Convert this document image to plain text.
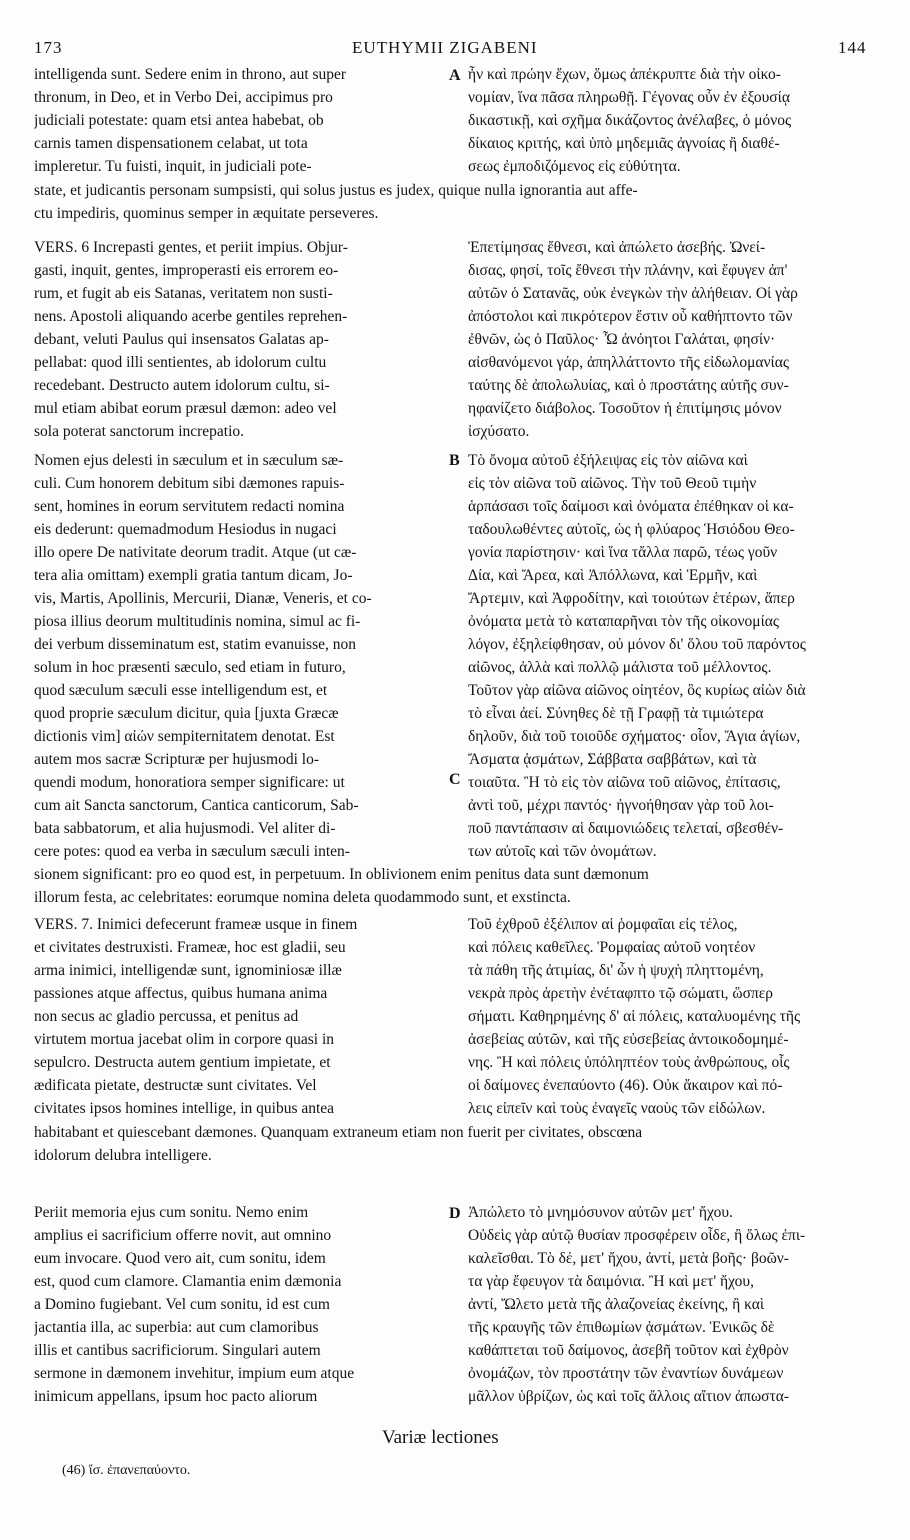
173	EUTHYMII ZIGABENI	144
A
B
C
D
intelligenda sunt. Sedere enim in throno, aut super
thronum, in Deo, et in Verbo Dei, accipimus pro
judiciali potestate: quam etsi antea habebat, ob
carnis tamen dispensationem celabat, ut tota
impleretur. Tu fuisti, inquit, in judiciali pote-
ἦν καὶ πρώην ἔχων, ὅμως ἀπέκρυπτε διὰ τὴν οἰκο-
νομίαν, ἵνα πᾶσα πληρωθῇ. Γέγονας οὖν ἐν ἐξουσίᾳ
δικαστικῇ, καὶ σχῆμα δικάζοντος ἀνέλαβες, ὁ μόνος
δίκαιος κριτής, καὶ ὑπὸ μηδεμιᾶς ἀγνοίας ἢ διαθέ-
σεως ἐμποδιζόμενος εἰς εὐθύτητα.
state, et judicantis personam sumpsisti, qui solus justus es judex, quique nulla ignorantia aut affe-
ctu impediris, quominus semper in æquitate perseveres.
VERS. 6 Increpasti gentes, et periit impius. Objur-
gasti, inquit, gentes, improperasti eis errorem eo-
rum, et fugit ab eis Satanas, veritatem non susti-
nens. Apostoli aliquando acerbe gentiles reprehen-
debant, veluti Paulus qui insensatos Galatas ap-
pellabat: quod illi sentientes, ab idolorum cultu
recedebant. Destructo autem idolorum cultu, si-
mul etiam abibat eorum præsul dæmon: adeo vel
sola poterat sanctorum increpatio.
Ἐπετίμησας ἔθνεσι, καὶ ἀπώλετο ἀσεβής. Ὠνεί-
δισας, φησί, τοῖς ἔθνεσι τὴν πλάνην, καὶ ἔφυγεν ἀπ'
αὐτῶν ὁ Σατανᾶς, οὐκ ἐνεγκὼν τὴν ἀλήθειαν. Οἱ γὰρ
ἀπόστολοι καὶ πικρότερον ἔστιν οὗ καθήπτοντο τῶν
ἐθνῶν, ὡς ὁ Παῦλος· Ὦ ἀνόητοι Γαλάται, φησίν·
αἰσθανόμενοι γάρ, ἀπηλλάττοντο τῆς εἰδωλομανίας
ταύτης δὲ ἀπολωλυίας, καὶ ὁ προστάτης αὐτῆς συν-
ηφανίζετο διάβολος. Τοσοῦτον ἡ ἐπιτίμησις μόνον
ἰσχύσατο.
Nomen ejus delesti in sæculum et in sæculum sæ-
culi. Cum honorem debitum sibi dæmones rapuis-
sent, homines in eorum servitutem redacti nomina
eis dederunt: quemadmodum Hesiodus in nugaci
illo opere De nativitate deorum tradit. Atque (ut cæ-
tera alia omittam) exempli gratia tantum dicam, Jo-
vis, Martis, Apollinis, Mercurii, Dianæ, Veneris, et co-
piosa illius deorum multitudinis nomina, simul ac fi-
dei verbum disseminatum est, statim evanuisse, non
solum in hoc præsenti sæculo, sed etiam in futuro,
quod sæculum sæculi esse intelligendum est, et
quod proprie sæculum dicitur, quia [juxta Græcæ
dictionis vim] αἰών sempiternitatem denotat. Est
autem mos sacræ Scripturæ per hujusmodi lo-
quendi modum, honoratiora semper significare: ut
cum ait Sancta sanctorum, Cantica canticorum, Sab-
bata sabbatorum, et alia hujusmodi. Vel aliter di-
cere potes: quod ea verba in sæculum sæculi inten-
Τὸ ὄνομα αὐτοῦ ἐξήλειψας εἰς τὸν αἰῶνα καὶ
εἰς τὸν αἰῶνα τοῦ αἰῶνος. Τὴν τοῦ Θεοῦ τιμὴν
ἁρπάσασι τοῖς δαίμοσι καὶ ὀνόματα ἐπέθηκαν οἱ κα-
ταδουλωθέντες αὐτοῖς, ὡς ἡ φλύαρος Ἡσιόδου Θεο-
γονία παρίστησιν· καὶ ἵνα τἄλλα παρῶ, τέως γοῦν
Δία, καὶ Ἄρεα, καὶ Ἀπόλλωνα, καὶ Ἑρμῆν, καὶ
Ἄρτεμιν, καὶ Ἀφροδίτην, καὶ τοιούτων ἑτέρων, ἅπερ
ὀνόματα μετὰ τὸ καταπαρῆναι τὸν τῆς οἰκονομίας
λόγον, ἐξηλείφθησαν, οὐ μόνον δι' ὅλου τοῦ παρόντος
αἰῶνος, ἀλλὰ καὶ πολλῷ μάλιστα τοῦ μέλλοντος.
Τοῦτον γὰρ αἰῶνα αἰῶνος οἰητέον, ὃς κυρίως αἰὼν διὰ
τὸ εἶναι ἀεί. Σύνηθες δὲ τῇ Γραφῇ τὰ τιμιώτερα
δηλοῦν, διὰ τοῦ τοιοῦδε σχήματος· οἷον, Ἅγια ἁγίων,
Ἄσματα ᾀσμάτων, Σάββατα σαββάτων, καὶ τὰ
τοιαῦτα. Ἢ τὸ εἰς τὸν αἰῶνα τοῦ αἰῶνος, ἐπίτασις,
ἀντὶ τοῦ, μέχρι παντός· ἠγνοήθησαν γὰρ τοῦ λοι-
ποῦ παντάπασιν αἱ δαιμονιώδεις τελεταί, σβεσθέν-
των αὐτοῖς καὶ τῶν ὀνομάτων.
sionem significant: pro eo quod est, in perpetuum. In oblivionem enim penitus data sunt dæmonum
illorum festa, ac celebritates: eorumque nomina deleta quodammodo sunt, et exstincta.
VERS. 7. Inimici defecerunt frameæ usque in finem
et civitates destruxisti. Frameæ, hoc est gladii, seu
arma inimici, intelligendæ sunt, ignominiosæ illæ
passiones atque affectus, quibus humana anima
non secus ac gladio percussa, et penitus ad
virtutem mortua jacebat olim in corpore quasi in
sepulcro. Destructa autem gentium impietate, et
ædificata pietate, destructæ sunt civitates. Vel
civitates ipsos homines intellige, in quibus antea
Τοῦ ἐχθροῦ ἐξέλιπον αἱ ῥομφαῖαι εἰς τέλος,
καὶ πόλεις καθεῖλες. Ῥομφαίας αὐτοῦ νοητέον
τὰ πάθη τῆς ἀτιμίας, δι' ὧν ἡ ψυχὴ πληττομένη,
νεκρὰ πρὸς ἀρετὴν ἐνέταφπτο τῷ σώματι, ὥσπερ
σήματι. Καθηρημένης δ' αἱ πόλεις, καταλυομένης τῆς
ἀσεβείας αὐτῶν, καὶ τῆς εὐσεβείας ἀντοικοδομημέ-
νης. Ἢ καὶ πόλεις ὑπόληπτέον τοὺς ἀνθρώπους, οἷς
οἱ δαίμονες ἐνεπαύοντο (46). Οὐκ ἄκαιρον καὶ πό-
λεις εἰπεῖν καὶ τοὺς ἐναγεῖς ναοὺς τῶν εἰδώλων.
habitabant et quiescebant dæmones. Quanquam extraneum etiam non fuerit per civitates, obscœna
idolorum delubra intelligere.
Periit memoria ejus cum sonitu. Nemo enim
amplius ei sacrificium offerre novit, aut omnino
eum invocare. Quod vero ait, cum sonitu, idem
est, quod cum clamore. Clamantia enim dæmonia
a Domino fugiebant. Vel cum sonitu, id est cum
jactantia illa, ac superbia: aut cum clamoribus
illis et cantibus sacrificiorum. Singulari autem
sermone in dæmonem invehitur, impium eum atque
inimicum appellans, ipsum hoc pacto aliorum
Ἀπώλετο τὸ μνημόσυνον αὐτῶν μετ' ἤχου.
Οὐδεὶς γὰρ αὐτῷ θυσίαν προσφέρειν οἶδε, ἢ ὅλως ἐπι-
καλεῖσθαι. Τὸ δέ, μετ' ἤχου, ἀντί, μετὰ βοῆς· βοῶν-
τα γὰρ ἔφευγον τὰ δαιμόνια. Ἢ καὶ μετ' ἤχου,
ἀντί, Ὤλετο μετὰ τῆς ἀλαζονείας ἐκείνης, ἢ καὶ
τῆς κραυγῆς τῶν ἐπιθωμίων ᾀσμάτων. Ἑνικῶς δὲ
καθάπτεται τοῦ δαίμονος, ἀσεβῆ τοῦτον καὶ ἐχθρὸν
ὀνομάζων, τὸν προστάτην τῶν ἐναντίων δυνάμεων
μᾶλλον ὑβρίζων, ὡς καὶ τοῖς ἄλλοις αἴτιον ἀπωστα-
Variæ lectiones
(46) ἴσ. ἐπανεπαύοντο.
